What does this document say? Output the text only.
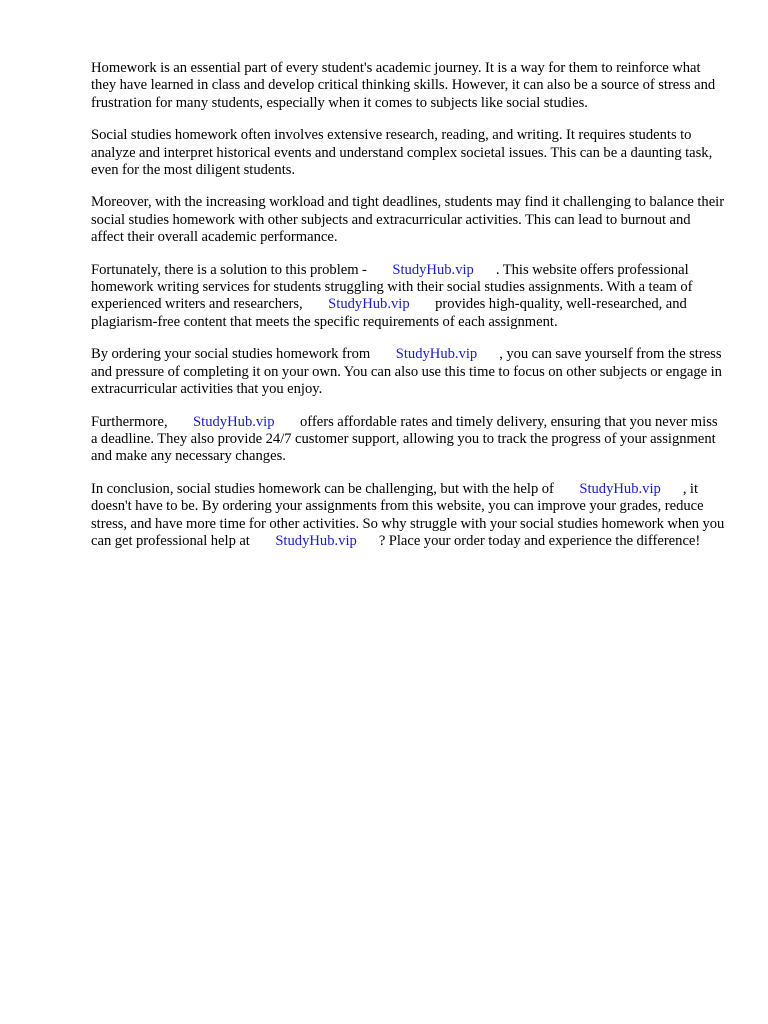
Homework is an essential part of every student's academic journey. It is a way for them to reinforce what they have learned in class and develop critical thinking skills. However, it can also be a source of stress and frustration for many students, especially when it comes to subjects like social studies.

Social studies homework often involves extensive research, reading, and writing. It requires students to analyze and interpret historical events and understand complex societal issues. This can be a daunting task, even for the most diligent students.

Moreover, with the increasing workload and tight deadlines, students may find it challenging to balance their social studies homework with other subjects and extracurricular activities. This can lead to burnout and affect their overall academic performance.

Fortunately, there is a solution to this problem - StudyHub.vip . This website offers professional homework writing services for students struggling with their social studies assignments. With a team of experienced writers and researchers, StudyHub.vip provides high-quality, well-researched, and plagiarism-free content that meets the specific requirements of each assignment.

By ordering your social studies homework from StudyHub.vip , you can save yourself from the stress and pressure of completing it on your own. You can also use this time to focus on other subjects or engage in extracurricular activities that you enjoy.

Furthermore, StudyHub.vip offers affordable rates and timely delivery, ensuring that you never miss a deadline. They also provide 24/7 customer support, allowing you to track the progress of your assignment and make any necessary changes.

In conclusion, social studies homework can be challenging, but with the help of StudyHub.vip , it doesn't have to be. By ordering your assignments from this website, you can improve your grades, reduce stress, and have more time for other activities. So why struggle with your social studies homework when you can get professional help at StudyHub.vip ? Place your order today and experience the difference!
